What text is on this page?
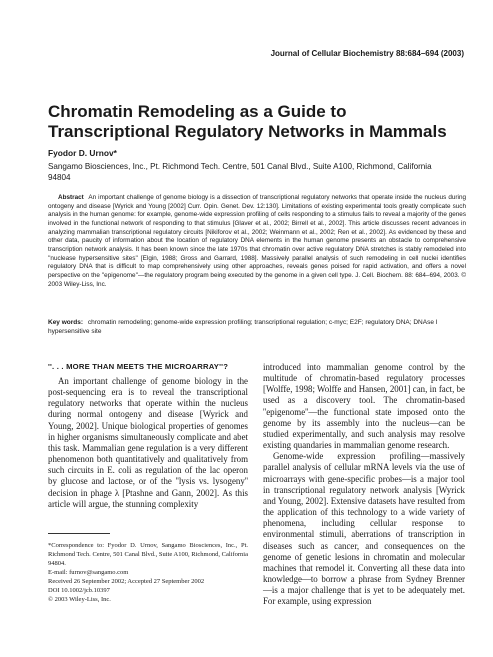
Journal of Cellular Biochemistry 88:684–694 (2003)
Chromatin Remodeling as a Guide to Transcriptional Regulatory Networks in Mammals
Fyodor D. Urnov*
Sangamo Biosciences, Inc., Pt. Richmond Tech. Centre, 501 Canal Blvd., Suite A100, Richmond, California 94804
Abstract An important challenge of genome biology is a dissection of transcriptional regulatory networks that operate inside the nucleus during ontogeny and disease [Wyrick and Young [2002] Curr. Opin. Genet. Dev. 12:130]. Limitations of existing experimental tools greatly complicate such analysis in the human genome: for example, genome-wide expression profiling of cells responding to a stimulus fails to reveal a majority of the genes involved in the functional network of responding to that stimulus [Glaver et al., 2002; Birrell et al., 2002]. This article discusses recent advances in analyzing mammalian transcriptional regulatory circuits [Nikiforov et al., 2002; Weinmann et al., 2002; Ren et al., 2002]. As evidenced by these and other data, paucity of information about the location of regulatory DNA elements in the human genome presents an obstacle to comprehensive transcription network analysis. It has been known since the late 1970s that chromatin over active regulatory DNA stretches is stably remodeled into ''nuclease hypersensitive sites'' [Elgin, 1988; Gross and Garrard, 1988]. Massively parallel analysis of such remodeling in cell nuclei identifies regulatory DNA that is difficult to map comprehensively using other approaches, reveals genes poised for rapid activation, and offers a novel perspective on the ''epigenome''—the regulatory program being executed by the genome in a given cell type. J. Cell. Biochem. 88: 684–694, 2003. © 2003 Wiley-Liss, Inc.
Key words: chromatin remodeling; genome-wide expression profiling; transcriptional regulation; c-myc; E2F; regulatory DNA; DNAse I hypersensitive site
''. . . MORE THAN MEETS THE MICROARRAY''?
An important challenge of genome biology in the post-sequencing era is to reveal the transcriptional regulatory networks that operate within the nucleus during normal ontogeny and disease [Wyrick and Young, 2002]. Unique biological properties of genomes in higher organisms simultaneously complicate and abet this task. Mammalian gene regulation is a very different phenomenon both quantitatively and qualitatively from such circuits in E. coli as regulation of the lac operon by glucose and lactose, or of the ''lysis vs. lysogeny'' decision in phage λ [Ptashne and Gann, 2002]. As this article will argue, the stunning complexity
introduced into mammalian genome control by the multitude of chromatin-based regulatory processes [Wolffe, 1998; Wolffe and Hansen, 2001] can, in fact, be used as a discovery tool. The chromatin-based ''epigenome''—the functional state imposed onto the genome by its assembly into the nucleus—can be studied experimentally, and such analysis may resolve existing quandaries in mammalian genome research.
Genome-wide expression profiling—massively parallel analysis of cellular mRNA levels via the use of microarrays with gene-specific probes—is a major tool in transcriptional regulatory network analysis [Wyrick and Young, 2002]. Extensive datasets have resulted from the application of this technology to a wide variety of phenomena, including cellular response to environmental stimuli, aberrations of transcription in diseases such as cancer, and consequences on the genome of genetic lesions in chromatin and molecular machines that remodel it. Converting all these data into knowledge—to borrow a phrase from Sydney Brenner—is a major challenge that is yet to be adequately met. For example, using expression
*Correspondence to: Fyodor D. Urnov, Sangamo Biosciences, Inc., Pt. Richmond Tech. Centre, 501 Canal Blvd., Suite A100, Richmond, California 94804.
E-mail: furnov@sangamo.com
Received 26 September 2002; Accepted 27 September 2002
DOI 10.1002/jcb.10397
© 2003 Wiley-Liss, Inc.
